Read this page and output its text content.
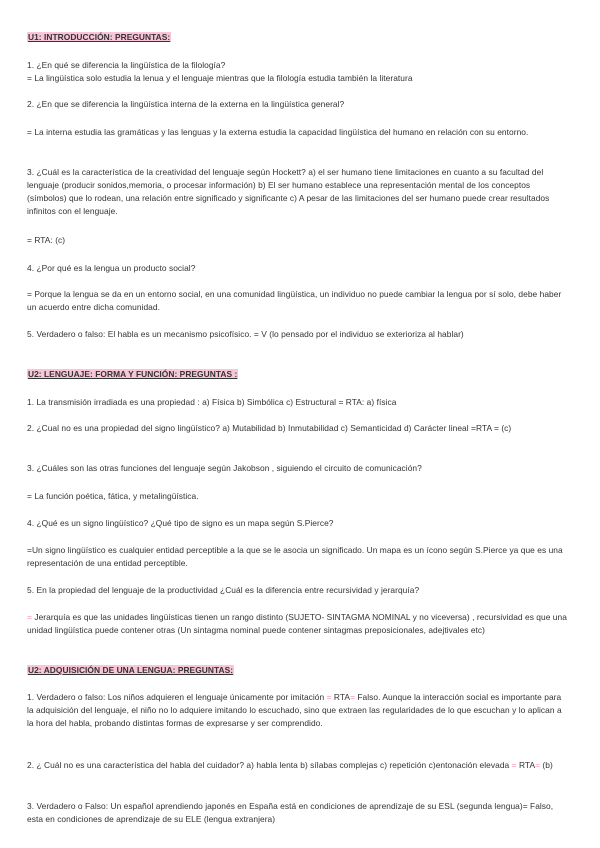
U1: INTRODUCCIÓN: PREGUNTAS:

1. ¿En qué se diferencia la lingüística de la filología?

= La lingüística solo estudia la lenua y el lenguaje mientras que la filología estudia también la literatura

2. ¿En que se diferencia la lingüística interna de la externa en la lingüística general?

= La interna estudia las gramáticas y las lenguas y la externa estudia la capacidad lingüística del humano en relación con su entorno.

3. ¿Cuál es la característica de la creatividad del lenguaje según Hockett? a) el ser humano tiene limitaciones en cuanto a su facultad del lenguaje (producir sonidos,memoria, o procesar información) b) El ser humano establece una representación mental de los conceptos (símbolos) que lo rodean, una relación entre significado y significante c) A pesar de las limitaciones del ser humano puede crear resultados infinitos con el lenguaje.

= RTA: (c)

4. ¿Por qué es la lengua un producto social?

= Porque la lengua se da en un entorno social, en una comunidad lingüística, un individuo no puede cambiar la lengua por sí solo, debe haber un acuerdo entre dicha comunidad.

5. Verdadero o falso: El habla es un mecanismo psicofísico. = V (lo pensado por el individuo se exterioriza al hablar)

U2: LENGUAJE: FORMA Y FUNCIÓN: PREGUNTAS :

1. La transmisión irradiada es una propiedad : a) Física b) Simbólica c) Estructural = RTA: a) física

2. ¿Cual no es una propiedad del signo lingüístico? a) Mutabilidad b) Inmutabilidad c) Semanticidad d) Carácter lineal =RTA = (c)

3. ¿Cuáles son las otras funciones del lenguaje según Jakobson , siguiendo el circuito de comunicación?

= La función poética, fática, y metalingüística.

4. ¿Qué es un signo lingüístico? ¿Qué tipo de signo es un mapa según S.Pierce?

=Un signo lingüístico es cualquier entidad perceptible a la que se le asocia un significado. Un mapa es un ícono según S.Pierce ya que es una representación de una entidad perceptible.

5. En la propiedad del lenguaje de la productividad ¿Cuál es la diferencia entre recursividad y jerarquía?

= Jerarquía es que las unidades lingüísticas tienen un rango distinto (SUJETO- SINTAGMA NOMINAL y no viceversa) , recursividad es que una unidad lingüística puede contener otras (Un sintagma nominal puede contener sintagmas preposicionales, adejtivales etc)

U2: ADQUISICIÓN DE UNA LENGUA: PREGUNTAS:

1. Verdadero o falso: Los niños adquieren el lenguaje únicamente por imitación = RTA= Falso. Aunque la interacción social es importante para la adquisición del lenguaje, el niño no lo adquiere imitando lo escuchado, sino que extraen las regularidades de lo que escuchan y lo aplican a la hora del habla, probando distintas formas de expresarse y ser comprendido.

2. ¿ Cuál no es una característica del habla del cuidador? a) habla lenta b) sílabas complejas c) repetición c)entonación elevada = RTA= (b)

3. Verdadero o Falso: Un español aprendiendo japonés en España está en condiciones de aprendizaje de su ESL (segunda lengua)= Falso, esta en condiciones de aprendizaje de su ELE (lengua extranjera)
